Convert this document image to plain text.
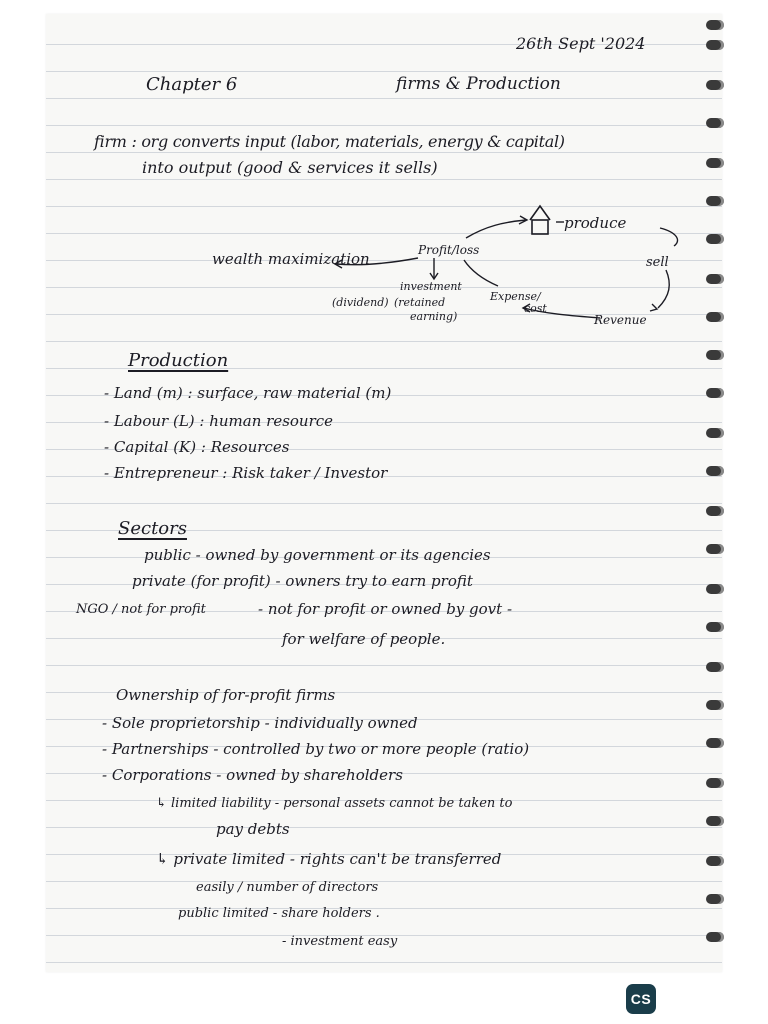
26th Sept '2024
Chapter 6	firms & Production
firm : org converts input (labor, materials, energy & capital)
into output (good & services it sells)
produce
sell
Revenue
Expense/
cost
Profit/loss
wealth maximization
investment
(dividend) (retained
earning)
Production
- Land (m) : surface, raw material (m)
- Labour (L) : human resource
- Capital (K) : Resources
- Entrepreneur : Risk taker / Investor
Sectors
public - owned by government or its agencies
private (for profit) - owners try to earn profit
NGO / not for profit	- not for profit or owned by govt -
for welfare of people.
Ownership of for-profit firms
- Sole proprietorship - individually owned
- Partnerships - controlled by two or more people (ratio)
- Corporations - owned by shareholders
↳ limited liability - personal assets cannot be taken to
pay debts
↳ private limited - rights can't be transferred
easily / number of directors
public limited - share holders .
- investment easy
CS
